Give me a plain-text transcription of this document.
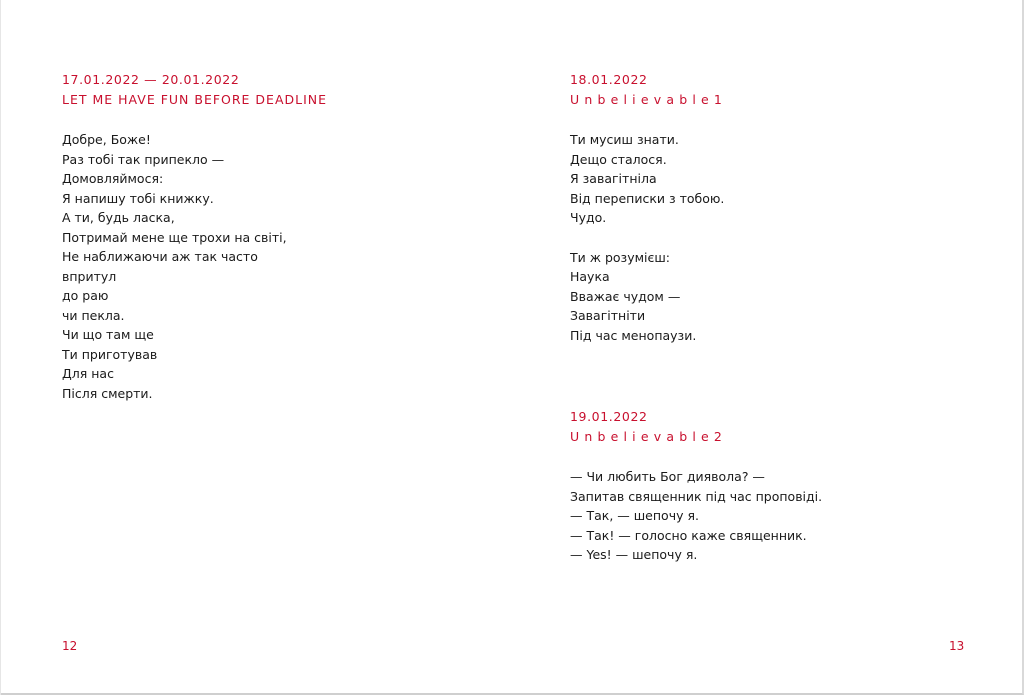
17.01.2022 — 20.01.2022

LET ME HAVE FUN BEFORE DEADLINE

Добре, Боже!
Раз тобі так припекло —
Домовляймося:
Я напишу тобі книжку.
А ти, будь ласка,
Потримай мене ще трохи на світі,
Не наближаючи аж так часто
впритул
до раю
чи пекла.
Чи що там ще
Ти приготував
Для нас
Після смерти.
12

18.01.2022

Unbelievable1

Ти мусиш знати.
Дещо сталося.
Я завагітніла
Від переписки з тобою.
Чудо.
Ти ж розумієш:
Наука
Вважає чудом —
Завагітніти
Під час менопаузи.

19.01.2022

Unbelievable2

— Чи любить Бог диявола? —
Запитав священник під час проповіді.
— Так, — шепочу я.
— Так! — голосно каже священник.
— Yes! — шепочу я.
13
